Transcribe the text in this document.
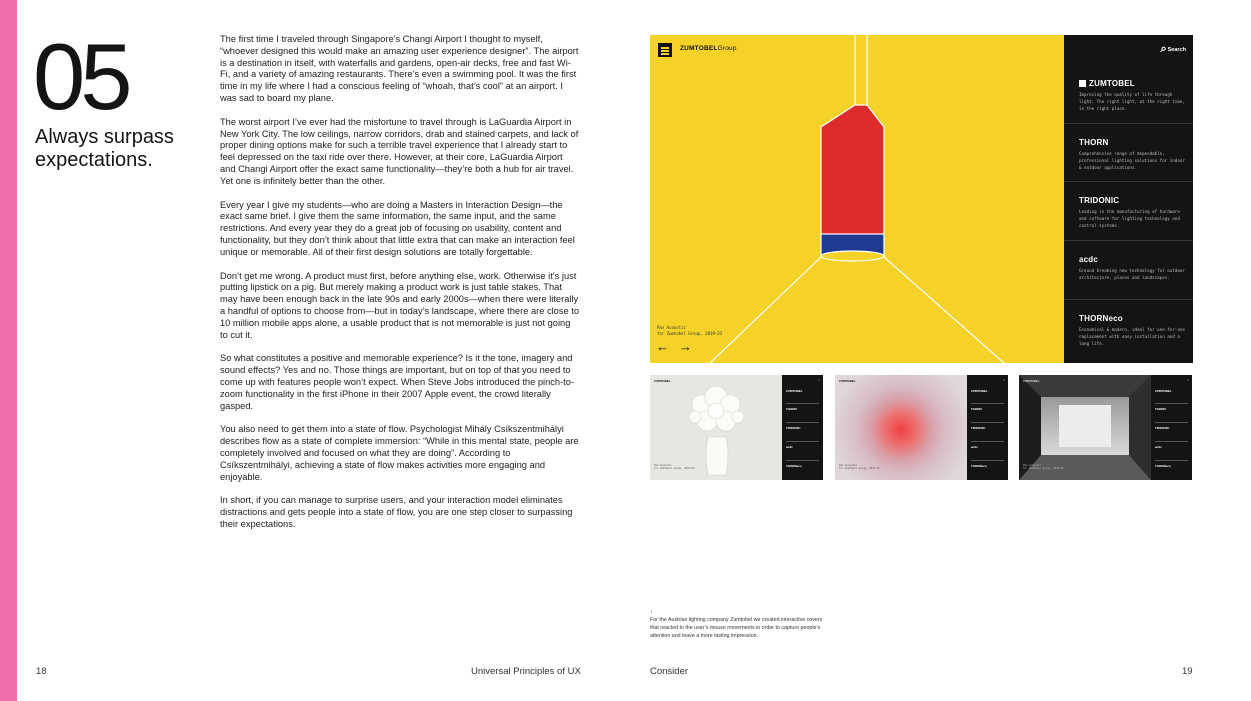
05
Always surpass expectations.

The first time I traveled through Singapore’s Changi Airport I thought to myself, “whoever designed this would make an amazing user experience designer”. The airport is a destination in itself, with waterfalls and gardens, open-air decks, free and fast Wi-Fi, and a variety of amazing restaurants. There’s even a swimming pool. It was the first time in my life where I had a conscious feeling of “whoah, that’s cool” at an airport. I was sad to board my plane.

The worst airport I’ve ever had the misfortune to travel through is LaGuardia Airport in New York City. The low ceilings, narrow corridors, drab and stained carpets, and lack of proper dining options make for such a terrible travel experience that I already start to feel depressed on the taxi ride over there. However, at their core, LaGuardia Airport and Changi Airport offer the exact same functionality—they’re both a hub for air travel. Yet one is infinitely better than the other.

Every year I give my students—who are doing a Masters in Interaction Design—the exact same brief. I give them the same information, the same input, and the same restrictions. And every year they do a great job of focusing on usability, content and functionality, but they don’t think about that little extra that can make an interaction feel unique or memorable. All of their first design solutions are totally forgettable.

Don’t get me wrong. A product must first, before anything else, work. Otherwise it’s just putting lipstick on a pig. But merely making a product work is just table stakes. That may have been enough back in the late 90s and early 2000s—when there were literally a handful of options to choose from—but in today’s landscape, where there are close to 10 million mobile apps alone, a usable product that is not memorable is just not going to cut it.

So what constitutes a positive and memorable experience? Is it the tone, imagery and sound effects? Yes and no. Those things are important, but on top of that you need to come up with features people won’t expect. When Steve Jobs introduced the pinch-to-zoom functionality in the first iPhone in their 2007 Apple event, the crowd literally gasped.

You also need to get them into a state of flow. Psychologist Mihály Csíkszentmihályi describes flow as a state of complete immersion: “While in this mental state, people are completely involved and focused on what they are doing”. According to Csíkszentmihályi, achieving a state of flow makes activities more engaging and enjoyable.

In short, if you can manage to surprise users, and your interaction model eliminates distractions and gets people into a state of flow, you are one step closer to surpassing their expectations.

ZUMTOBELGroup
Pan Acoustic
for Zumtobel Group, 2019–23
← →
⌕Search
ZUMTOBEL
Improving the quality of life through light. The right light, at the right time, in the right place.
THORN
Comprehensive range of dependable, professional lighting solutions for indoor & outdoor applications.
TRIDONIC
Leading in the manufacturing of hardware and software for lighting technology and control systems.
acdc
Ground breaking new technology for outdoor architecture, places and landscapes.
THORNeco
Economical & modern, ideal for one-for-one replacement with easy installation and a long life.
ZUMTOBEL
Pan Acoustic
for Zumtobel Group, 2019–23
⌕
ZUMTOBEL
THORN
TRIDONIC
acdc
THORNeco
ZUMTOBEL
Pan Acoustic
for Zumtobel Group, 2019–23
⌕
ZUMTOBEL
THORN
TRIDONIC
acdc
THORNeco
ZUMTOBEL
Pan Acoustic
for Zumtobel Group, 2019–23
⌕
ZUMTOBEL
THORN
TRIDONIC
acdc
THORNeco
↑
For the Austrian lighting company Zumtobel we created interactive covers that reacted to the user’s mouse movements in order to capture people’s attention and leave a more lasting impression.
18	Universal Principles of UX	Consider	19
